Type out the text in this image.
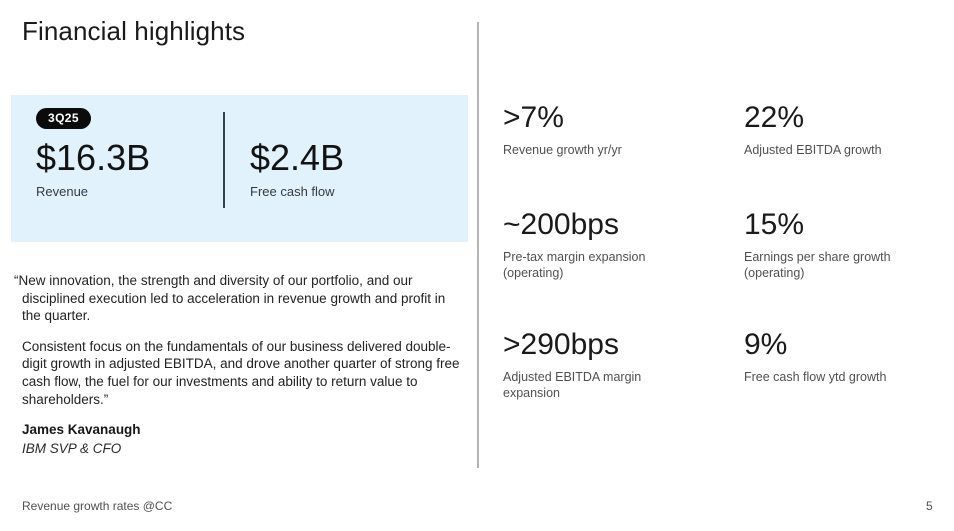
Financial highlights
3Q25
$16.3B
Revenue
$2.4B
Free cash flow

“New innovation, the strength and diversity of our portfolio, and our disciplined execution led to acceleration in revenue growth and profit in the quarter.

Consistent focus on the fundamentals of our business delivered double-digit growth in adjusted EBITDA, and drove another quarter of strong free cash flow, the fuel for our investments and ability to return value to shareholders.”

James Kavanaugh
IBM SVP & CFO
>7%
Revenue growth yr/yr
22%
Adjusted EBITDA growth
~200bps
Pre-tax margin expansion (operating)
15%
Earnings per share growth (operating)
>290bps
Adjusted EBITDA margin expansion
9%
Free cash flow ytd growth
Revenue growth rates @CC	5
